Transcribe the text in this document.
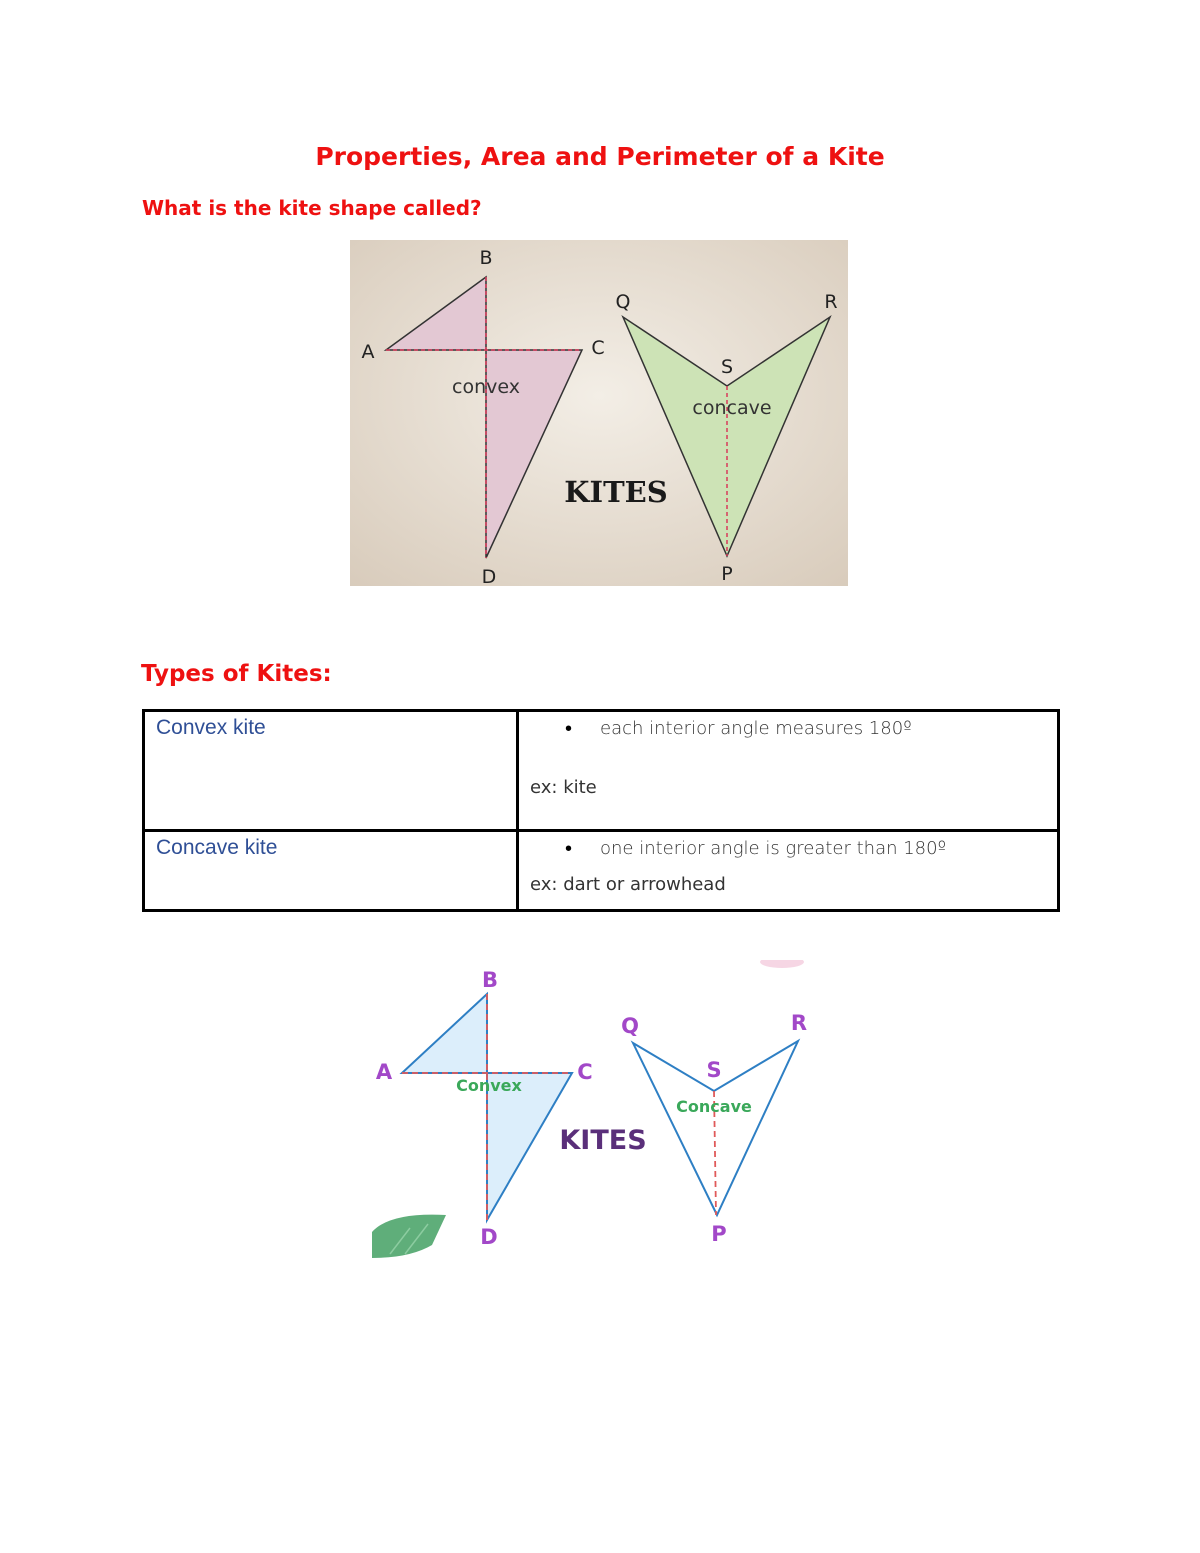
Properties, Area and Perimeter of a Kite
What is the kite shape called?
B
A	C
D
Q	R
S
P
convex
concave
KITES
Types of Kites:
Convex kite	• each interior angle measures 180º
ex: kite

Concave kite	• one interior angle is greater than 180º
ex: dart or arrowhead
B
A	C
D
Q	R
S
P
Convex
Concave
KITES
